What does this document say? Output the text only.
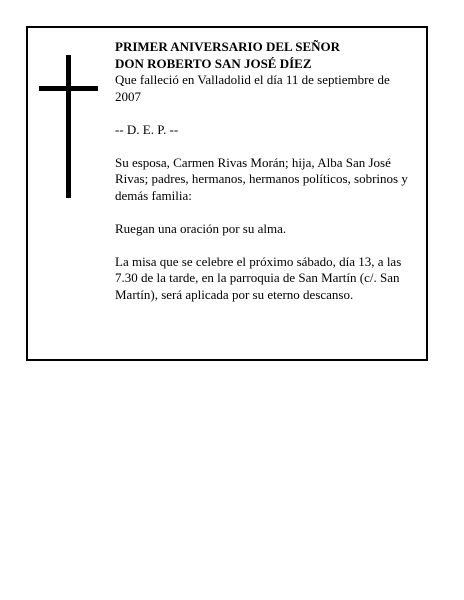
PRIMER ANIVERSARIO DEL SEÑOR
DON ROBERTO SAN JOSÉ DÍEZ
Que falleció en Valladolid el día 11 de septiembre de 2007
-- D. E. P. --
Su esposa, Carmen Rivas Morán; hija, Alba San José Rivas; padres, hermanos, hermanos políticos, sobrinos y demás familia:
Ruegan una oración por su alma.
La misa que se celebre el próximo sábado, día 13, a las 7.30 de la tarde, en la parroquia de San Martín (c/. San Martín), será aplicada por su eterno descanso.
